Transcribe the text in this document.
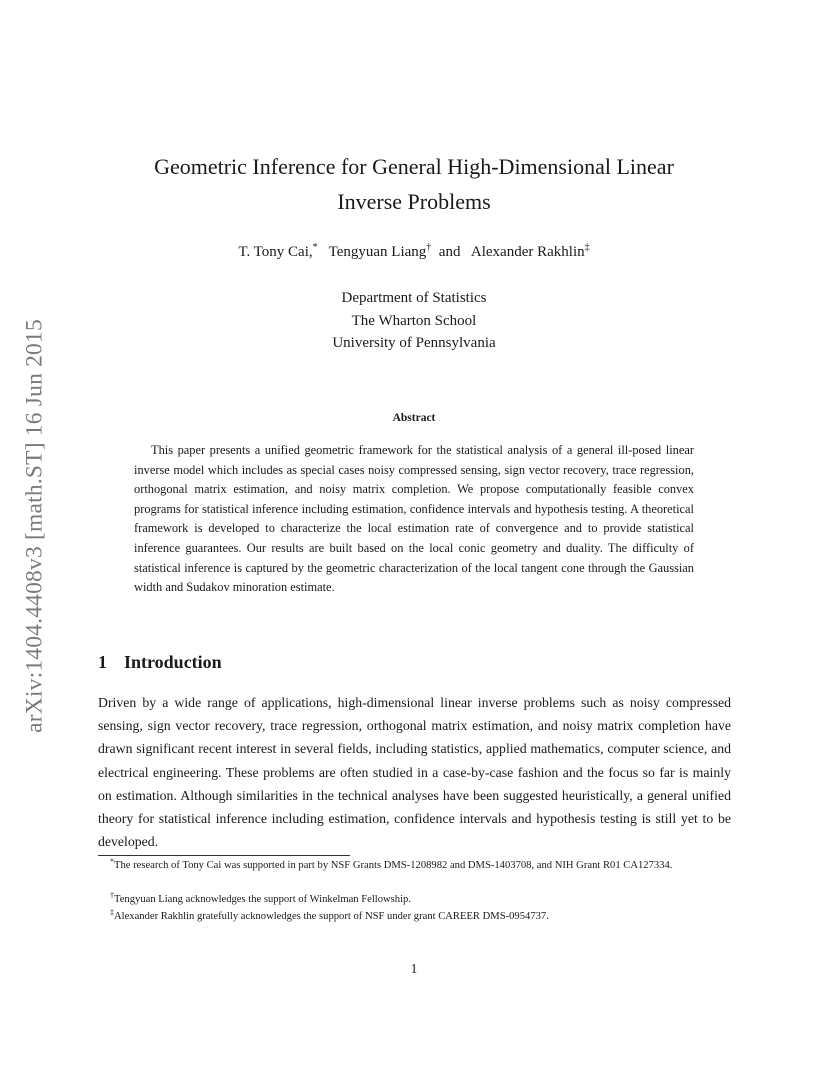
arXiv:1404.4408v3 [math.ST] 16 Jun 2015
Geometric Inference for General High-Dimensional Linear
Inverse Problems
T. Tony Cai,* Tengyuan Liang† and Alexander Rakhlin‡
Department of Statistics
The Wharton School
University of Pennsylvania
Abstract

This paper presents a unified geometric framework for the statistical analysis of a general ill-posed linear inverse model which includes as special cases noisy compressed sensing, sign vector recovery, trace regression, orthogonal matrix estimation, and noisy matrix completion. We propose computationally feasible convex programs for statistical inference including estimation, confidence intervals and hypothesis testing. A theoretical framework is developed to characterize the local estimation rate of convergence and to provide statistical inference guarantees. Our results are built based on the local conic geometry and duality. The difficulty of statistical inference is captured by the geometric characterization of the local tangent cone through the Gaussian width and Sudakov minoration estimate.

1 Introduction

Driven by a wide range of applications, high-dimensional linear inverse problems such as noisy compressed sensing, sign vector recovery, trace regression, orthogonal matrix estimation, and noisy matrix completion have drawn significant recent interest in several fields, including statistics, applied mathematics, computer science, and electrical engineering. These problems are often studied in a case-by-case fashion and the focus so far is mainly on estimation. Although similarities in the technical analyses have been suggested heuristically, a general unified theory for statistical inference including estimation, confidence intervals and hypothesis testing is still yet to be developed.

*The research of Tony Cai was supported in part by NSF Grants DMS-1208982 and DMS-1403708, and NIH Grant R01 CA127334.

†Tengyuan Liang acknowledges the support of Winkelman Fellowship.

‡Alexander Rakhlin gratefully acknowledges the support of NSF under grant CAREER DMS-0954737.

1
